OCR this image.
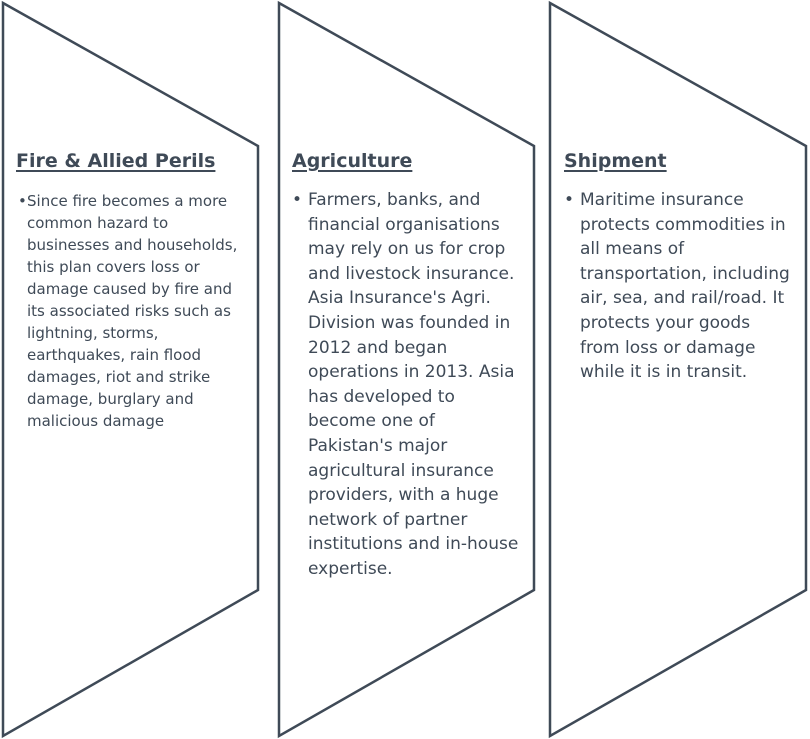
Fire & Allied Perils
• Since fire becomes a more common hazard to businesses and households, this plan covers loss or damage caused by fire and its associated risks such as lightning, storms, earthquakes, rain flood damages, riot and strike damage, burglary and malicious damage
Agriculture
• Farmers, banks, and financial organisations may rely on us for crop and livestock insurance. Asia Insurance's Agri. Division was founded in 2012 and began operations in 2013. Asia has developed to become one of Pakistan's major agricultural insurance providers, with a huge network of partner institutions and in-house expertise.
Shipment
• Maritime insurance protects commodities in all means of transportation, including air, sea, and rail/road. It protects your goods from loss or damage while it is in transit.
